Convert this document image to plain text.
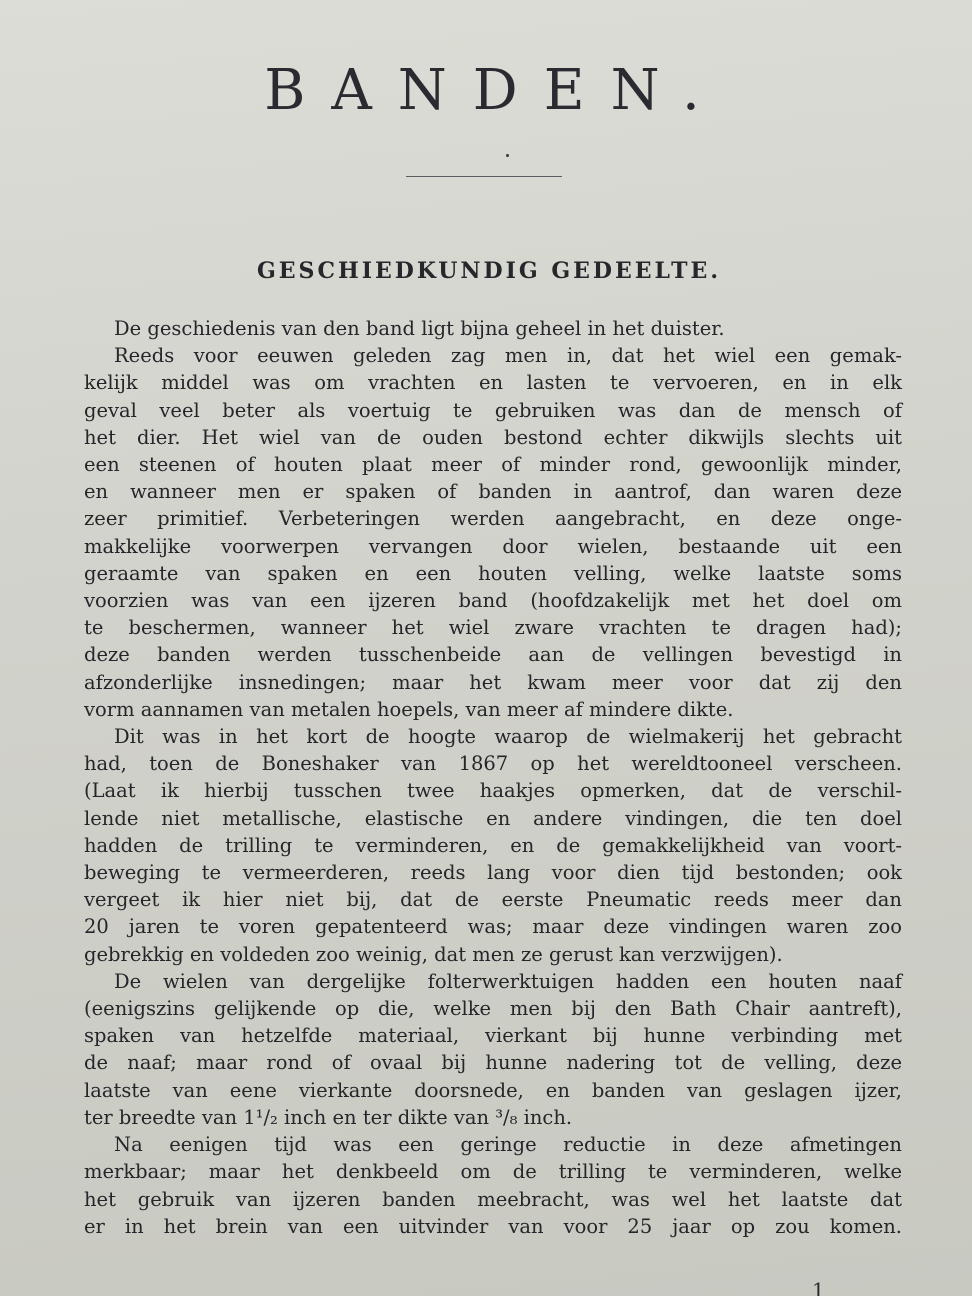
BANDEN.
GESCHIEDKUNDIG GEDEELTE.
De geschiedenis van den band ligt bijna geheel in het duister.
Reeds voor eeuwen geleden zag men in, dat het wiel een gemak-
kelijk middel was om vrachten en lasten te vervoeren, en in elk
geval veel beter als voertuig te gebruiken was dan de mensch of
het dier. Het wiel van de ouden bestond echter dikwijls slechts uit
een steenen of houten plaat meer of minder rond, gewoonlijk minder,
en wanneer men er spaken of banden in aantrof, dan waren deze
zeer primitief. Verbeteringen werden aangebracht, en deze onge-
makkelijke voorwerpen vervangen door wielen, bestaande uit een
geraamte van spaken en een houten velling, welke laatste soms
voorzien was van een ijzeren band (hoofdzakelijk met het doel om
te beschermen, wanneer het wiel zware vrachten te dragen had);
deze banden werden tusschenbeide aan de vellingen bevestigd in
afzonderlijke insnedingen; maar het kwam meer voor dat zij den
vorm aannamen van metalen hoepels, van meer af mindere dikte.
Dit was in het kort de hoogte waarop de wielmakerij het gebracht
had, toen de Boneshaker van 1867 op het wereldtooneel verscheen.
(Laat ik hierbij tusschen twee haakjes opmerken, dat de verschil-
lende niet metallische, elastische en andere vindingen, die ten doel
hadden de trilling te verminderen, en de gemakkelijkheid van voort-
beweging te vermeerderen, reeds lang voor dien tijd bestonden; ook
vergeet ik hier niet bij, dat de eerste Pneumatic reeds meer dan
20 jaren te voren gepatenteerd was; maar deze vindingen waren zoo
gebrekkig en voldeden zoo weinig, dat men ze gerust kan verzwijgen).
De wielen van dergelijke folterwerktuigen hadden een houten naaf
(eenigszins gelijkende op die, welke men bij den Bath Chair aantreft),
spaken van hetzelfde materiaal, vierkant bij hunne verbinding met
de naaf; maar rond of ovaal bij hunne nadering tot de velling, deze
laatste van eene vierkante doorsnede, en banden van geslagen ijzer,
ter breedte van 1¹/₂ inch en ter dikte van ³/₈ inch.
Na eenigen tijd was een geringe reductie in deze afmetingen
merkbaar; maar het denkbeeld om de trilling te verminderen, welke
het gebruik van ijzeren banden meebracht, was wel het laatste dat
er in het brein van een uitvinder van voor 25 jaar op zou komen.
1
